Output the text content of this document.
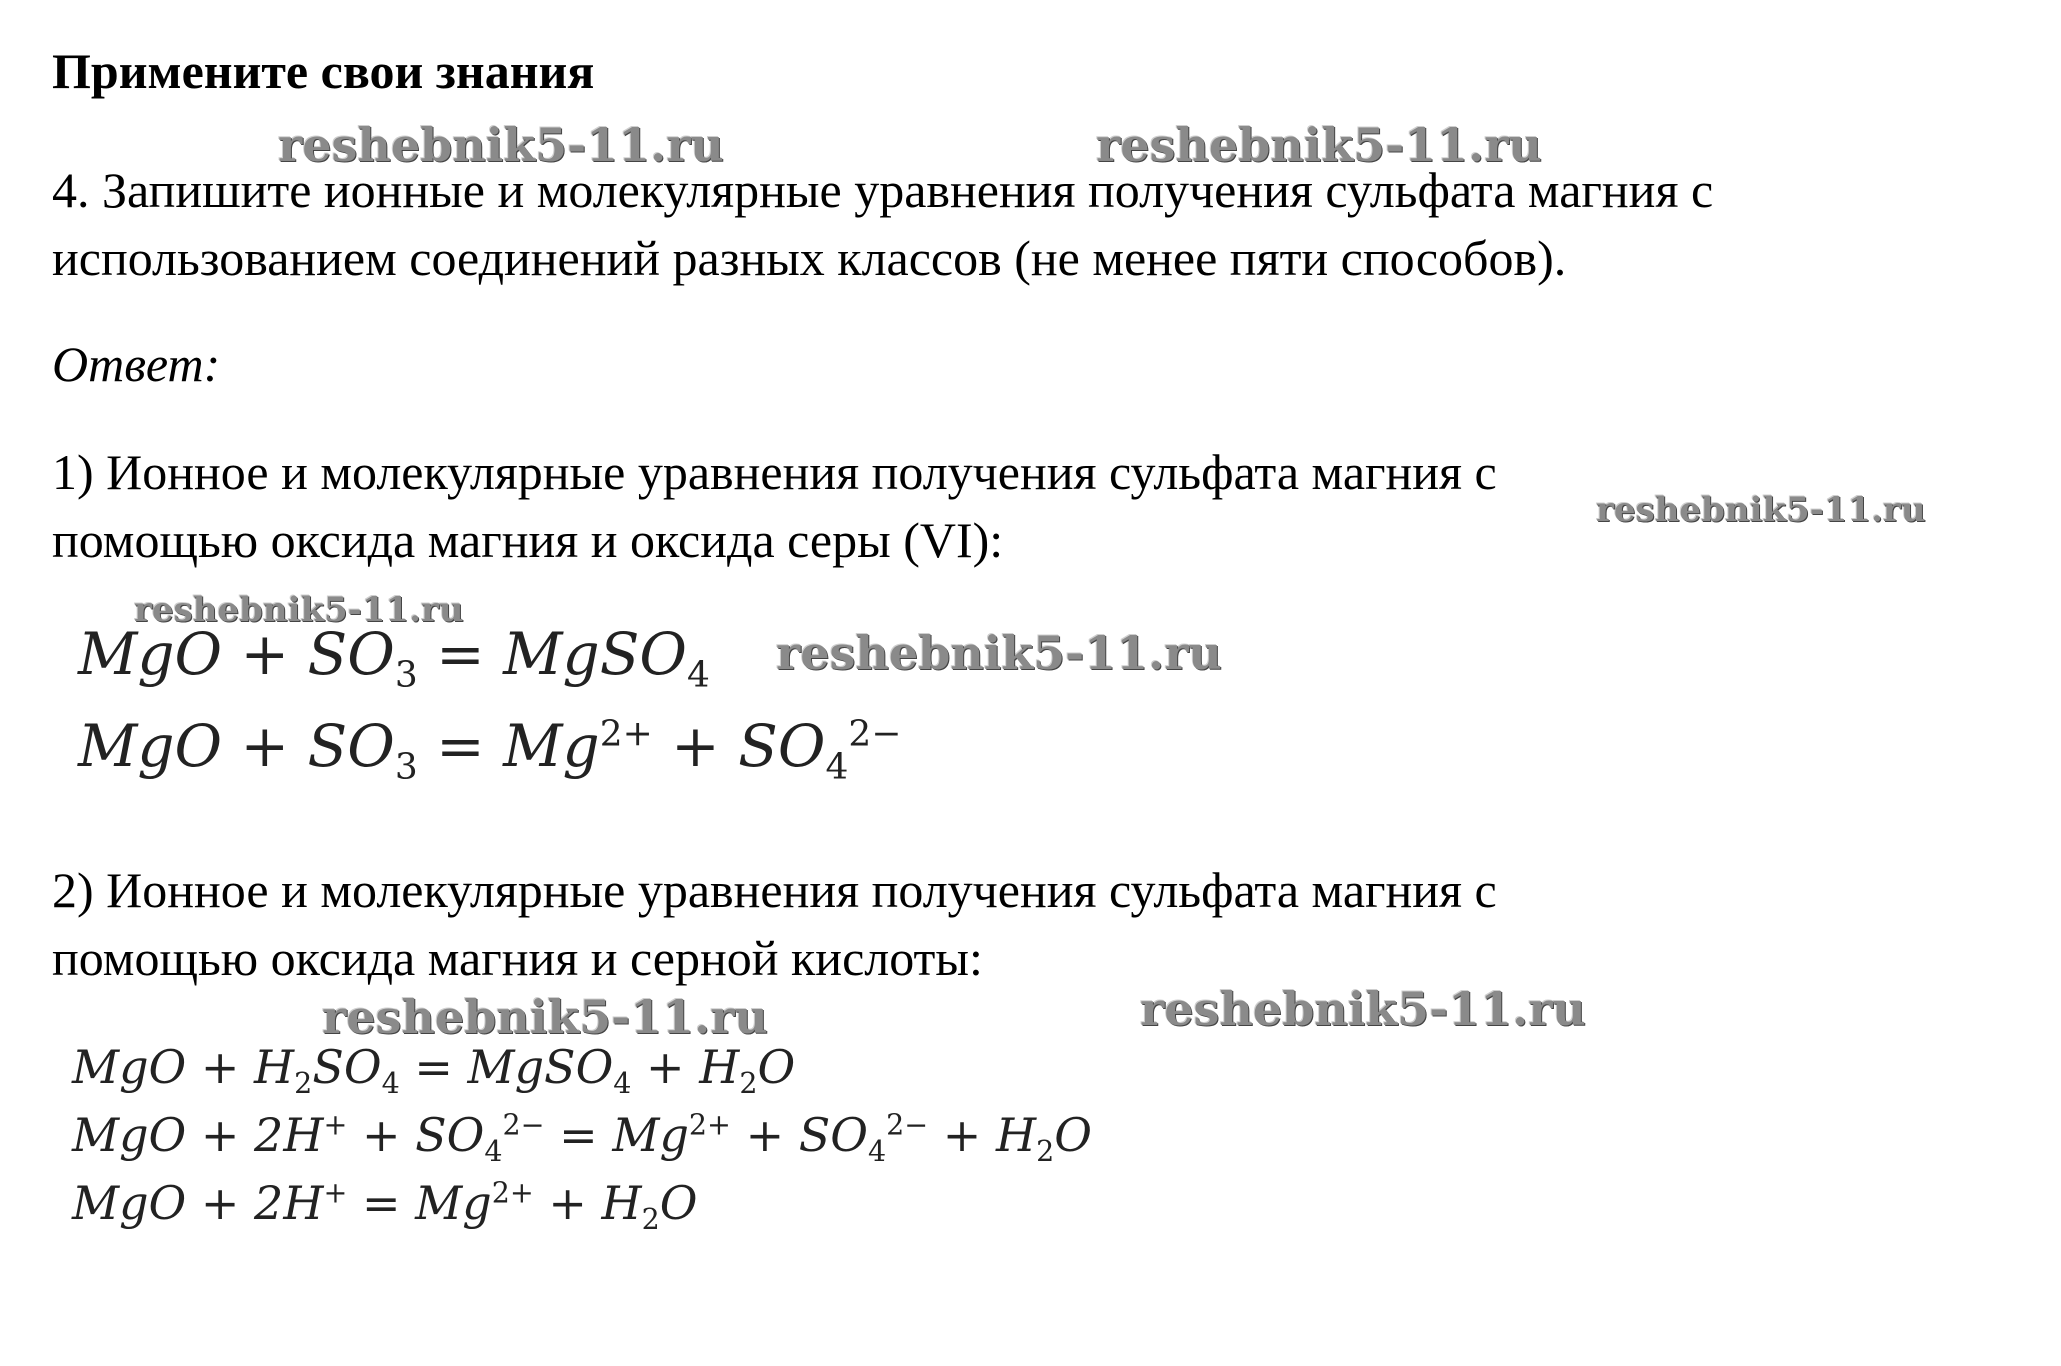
Примените свои знания
4. Запишите ионные и молекулярные уравнения получения сульфата магния с
использованием соединений разных классов (не менее пяти способов).
Ответ:
1) Ионное и молекулярные уравнения получения сульфата магния с
помощью оксида магния и оксида серы (VI):
MgO + $SO_3$ = MgSO$_4$
MgO + $SO_3 = Mg^{2+} + SO_4^{2-}$
2) Ионное и молекулярные уравнения получения сульфата магния с
помощью оксида магния и серной кислоты:
MgO + $H_2SO_4$ = MgSO$_4$ + $H_2O$
MgO + $2H^+ + SO_4^{2-} = Mg^{2+} + SO_4^{2-} + H_2O$
MgO + $2H^+ = Mg^{2+} + H_2O$
reshebnik5-11.ru	reshebnik5-11.ru
reshebnik5-11.ru
reshebnik5-11.ru
reshebnik5-11.ru
reshebnik5-11.ru	reshebnik5-11.ru
